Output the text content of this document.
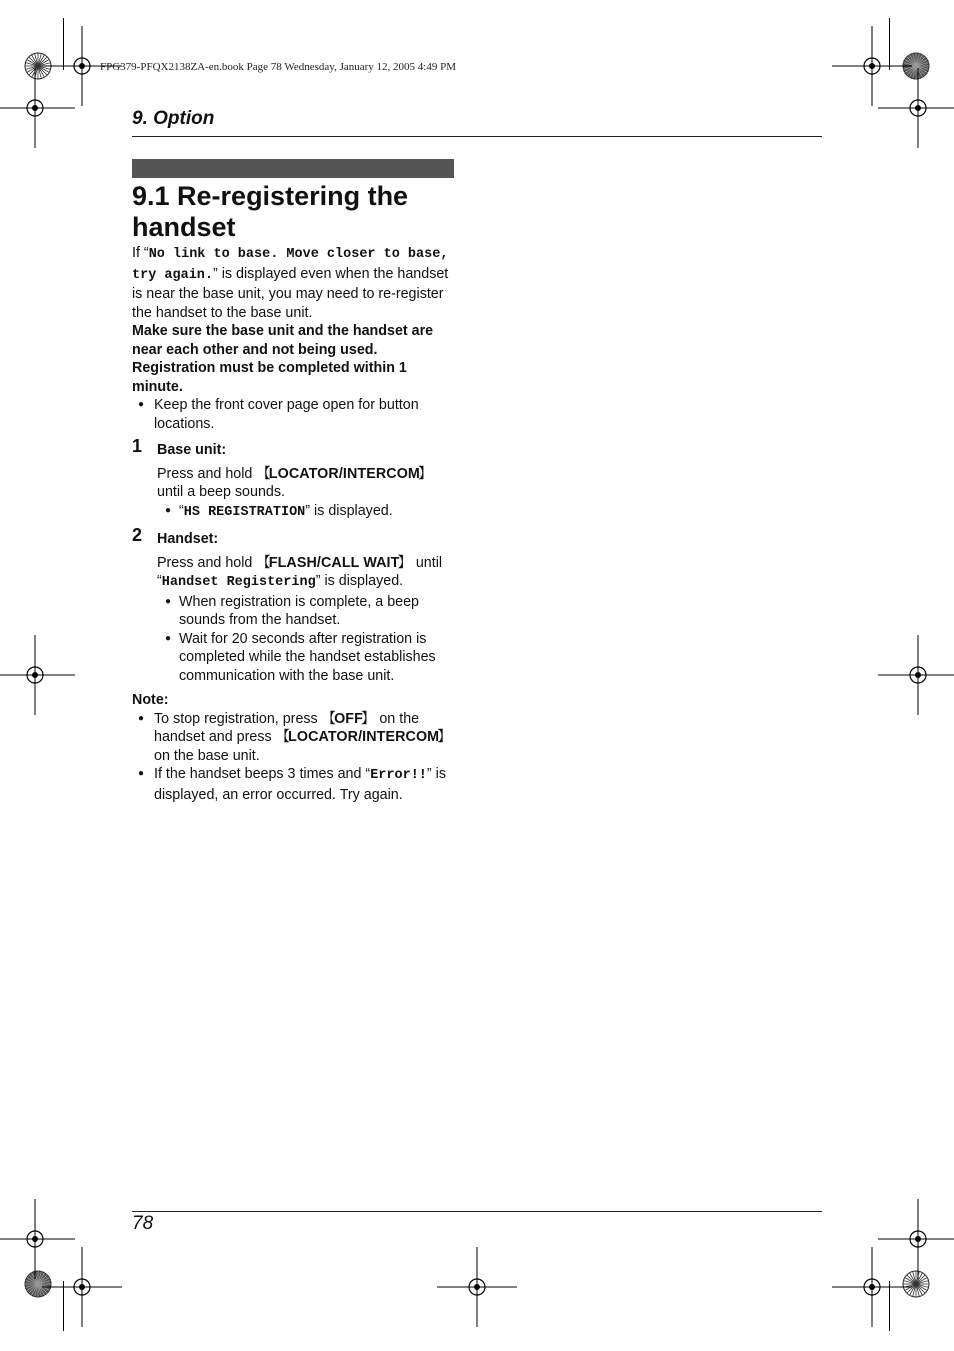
FPG379-PFQX2138ZA-en.book Page 78 Wednesday, January 12, 2005 4:49 PM
9. Option
9.1 Re-registering the handset

If “ No link to base. Move closer to base, try again. ” is displayed even when the handset is near the base unit, you may need to re-register the handset to the base unit.

Make sure the base unit and the handset are near each other and not being used.

Registration must be completed within 1 minute.

● Keep the front cover page open for button locations.
1 Base unit:

Press and hold 【 LOCATOR/INTERCOM 】 until a beep sounds.

● “ HS REGISTRATION ” is displayed.
2 Handset:

Press and hold 【 FLASH/CALL WAIT 】 until “ Handset Registering ” is displayed.

● When registration is complete, a beep sounds from the handset.
● Wait for 20 seconds after registration is completed while the handset establishes communication with the base unit.
Note:
● To stop registration, press 【 OFF 】 on the handset and press 【 LOCATOR/INTERCOM 】 on the base unit.
● If the handset beeps 3 times and “ Error!! ” is displayed, an error occurred. Try again.
78
